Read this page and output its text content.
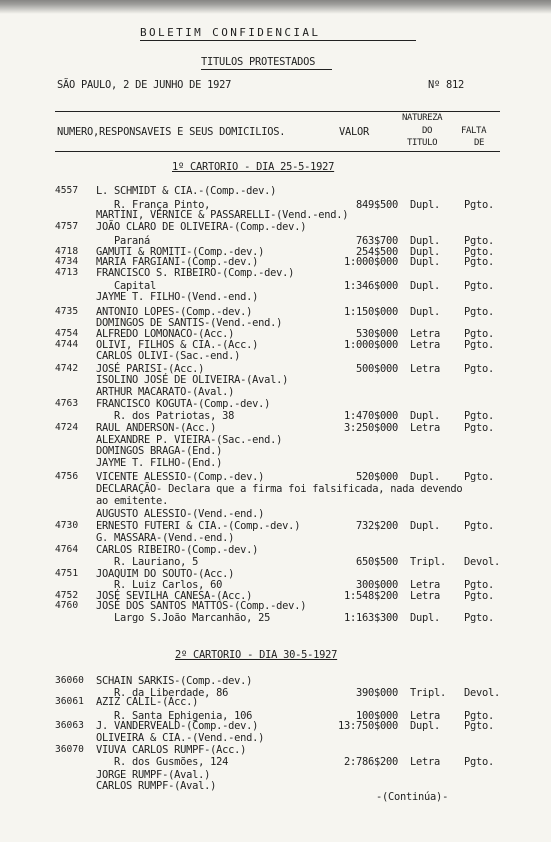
BOLETIM CONFIDENCIAL
TITULOS PROTESTADOS
SÃO PAULO, 2 DE JUNHO DE 1927	Nº 812
NUMERO,RESPONSAVEIS E SEUS DOMICILIOS.	VALOR
NATUREZA
DO
TITULO
FALTA
DE
1º CARTORIO - DIA 25-5-1927
2º CARTORIO - DIA 30-5-1927
4557 L. SCHMIDT & CIA.-(Comp.-dev.)
R. França Pinto,	849$500 Dupl. Pgto.
MARTINI, VERNICE & PASSARELLI-(Vend.-end.)
4757 JOÃO CLARO DE OLIVEIRA-(Comp.-dev.)
Paraná	763$700 Dupl. Pgto.
4718 GAMUTI & ROMITI-(Comp.-dev.)	254$500 Dupl. Pgto.
4734 MARIA FARGIANI-(Comp.-dev.)	1:000$000 Dupl. Pgto.
4713 FRANCISCO S. RIBEIRO-(Comp.-dev.)
Capital	1:346$000 Dupl. Pgto.
JAYME T. FILHO-(Vend.-end.)
4735 ANTONIO LOPES-(Comp.-dev.)	1:150$000 Dupl. Pgto.
DOMINGOS DE SANTIS-(Vend.-end.)
4754 ALFREDO LOMONACO-(Acc.)	530$000 Letra Pgto.
4744 OLIVI, FILHOS & CIA.-(Acc.)	1:000$000 Letra Pgto.
CARLOS OLIVI-(Sac.-end.)
4742 JOSÉ PARISI-(Acc.)	500$000 Letra Pgto.
ISOLINO JOSÉ DE OLIVEIRA-(Aval.)
ARTHUR MACARATO-(Aval.)
4763 FRANCISCO KOGUTA-(Comp.-dev.)
R. dos Patriotas, 38	1:470$000 Dupl. Pgto.
4724 RAUL ANDERSON-(Acc.)	3:250$000 Letra Pgto.
ALEXANDRE P. VIEIRA-(Sac.-end.)
DOMINGOS BRAGA-(End.)
JAYME T. FILHO-(End.)
4756 VICENTE ALESSIO-(Comp.-dev.)	520$000 Dupl. Pgto.
DECLARAÇÃO- Declara que a firma foi falsificada, nada devendo
ao emitente.
AUGUSTO ALESSIO-(Vend.-end.)
4730 ERNESTO FUTERI & CIA.-(Comp.-dev.)	732$200 Dupl. Pgto.
G. MASSARA-(Vend.-end.)
4764 CARLOS RIBEIRO-(Comp.-dev.)
R. Lauriano, 5	650$500 Tripl. Devol.
4751 JOAQUIM DO SOUTO-(Acc.)
R. Luiz Carlos, 60	300$000 Letra Pgto.
4752 JOSÉ SEVILHA CANESA-(Acc.)	1:548$200 Letra Pgto.
4760 JOSÉ DOS SANTOS MATTOS-(Comp.-dev.)
Largo S.João Marcanhão, 25	1:163$300 Dupl. Pgto.
36060 SCHAIN SARKIS-(Comp.-dev.)
R. da Liberdade, 86	390$000 Tripl. Devol.
36061 AZIZ CALIL-(Acc.)
R. Santa Ephigenia, 106	100$000 Letra Pgto.
36063 J. VANDERVEALD-(Comp.-dev.)	13:750$000 Dupl. Pgto.
OLIVEIRA & CIA.-(Vend.-end.)
36070 VIUVA CARLOS RUMPF-(Acc.)
R. dos Gusmões, 124	2:786$200 Letra Pgto.
JORGE RUMPF-(Aval.)
CARLOS RUMPF-(Aval.)
-(Continúa)-
